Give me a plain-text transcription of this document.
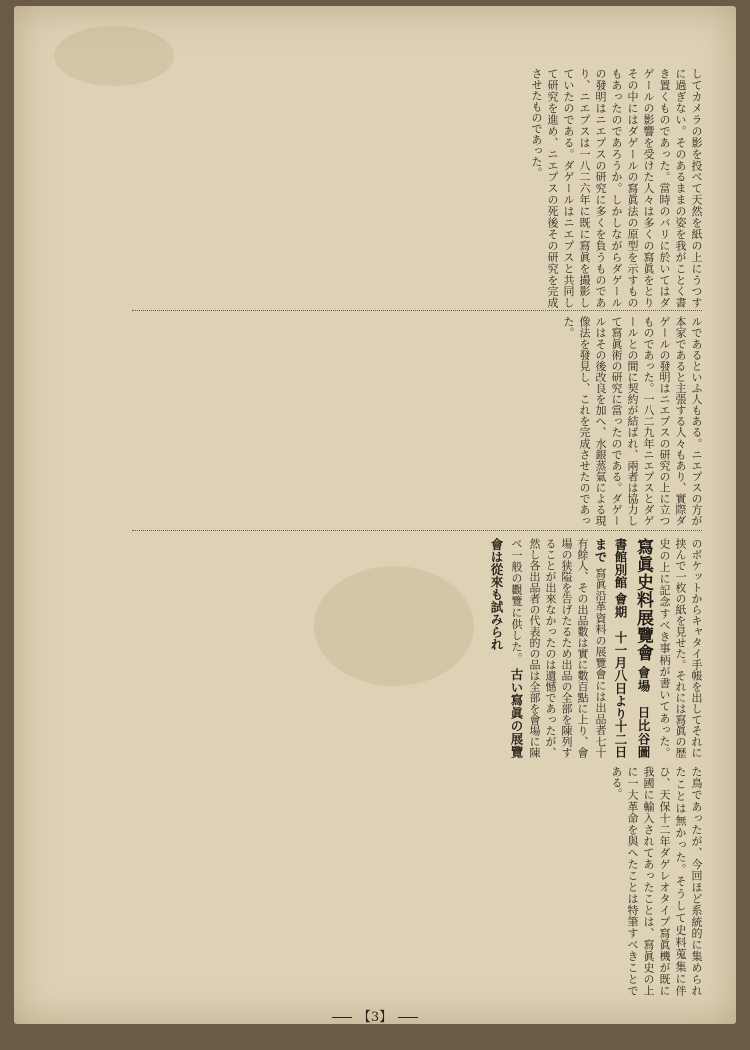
してカメラの影を投べて天然を紙の上にうつすに過ぎない。そのあるままの姿を我がことく書き置くものであった。當時のバリに於いてはダゲールの影響を受けた人々は多くの寫眞をとりその中にはダゲールの寫眞法の原型を示すものもあったのであろうか。しかしながらダゲールの發明はニエプスの研究に多くを負うものであり、ニエプスは一八二六年に既に寫眞を撮影していたのである。ダゲールはニエプスと共同して研究を進め、ニエプスの死後その研究を完成させたものであった。
ルであるといふ人もある。ニエプスの方が本家であると主張する人々もあり、實際ダゲールの發明はニエプスの研究の上に立つものであった。一八二九年ニエプスとダゲールとの間に契約が結ばれ、兩者は協力して寫眞術の研究に當ったのである。ダゲールはその後改良を加へ、水銀蒸氣による現像法を發見し、これを完成させたのであった。
のボケットからキャタイ手帳を出してそれに挟んで一枚の紙を見せた。それには寫眞の歴史の上に記念すべき事柄が書いてあった。 寫眞史料展覽會 會場　日比谷圖書館別館 會期　十一月八日より十二日まで 寫眞沿革資料の展覽會には出品者七十有餘人、その出品數は實に數百點に上り、會場の狭隘を告げたるため出品の全部を陳列することが出來なかったのは遺憾であったが、然し各出品者の代表的の品は全部を會場に陳べ一般の觀覽に供した。 古い寫眞の展覽會は從來も試みられ
た鳥であったが、今回ほど系統的に集められたことは無かった。そうして史料蒐集に伴ひ、天保十二年ダゲレオタイプ寫眞機が既に我國に輸入されてあったことは、寫眞史の上に一大革命を與へたことは特筆すべきことである。
【3】
